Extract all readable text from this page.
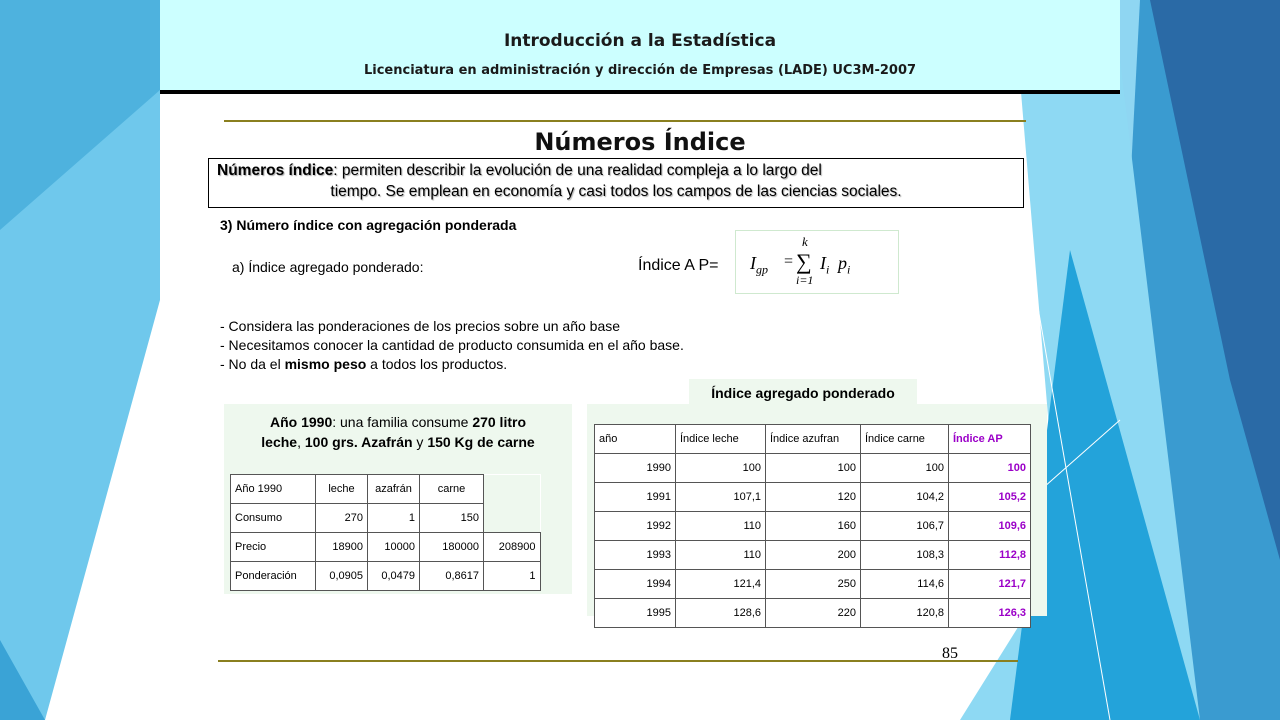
Introducción a la Estadística
Licenciatura en administración y dirección de Empresas (LADE) UC3M-2007
Números Índice
Números índice: permiten describir la evolución de una realidad compleja a lo largo del
tiempo. Se emplean en economía y casi todos los campos de las ciencias sociales.
3) Número índice con agregación ponderada
a) Índice agregado ponderado:	Índice A $P= I_{gp}$ =
k
∑
i=1
$I_i$ $p_i$
- Considera las ponderaciones de los precios sobre un año base
- Necesitamos conocer la cantidad de producto consumida en el año base.
- No da el mismo peso a todos los productos.
Índice agregado ponderado
Año 1990: una familia consume 270 litro
leche, 100 grs. Azafrán y 150 Kg de carne
Año 1990	leche	azafrán	carne	
Consumo	270	1	150	
Precio	18900	10000	180000	208900
Ponderación	0,0905	0,0479	0,8617	1
año	Índice leche	Índice azufran	Índice carne	Índice AP
1990	100	100	100	100
1991	107,1	120	104,2	105,2
1992	110	160	106,7	109,6
1993	110	200	108,3	112,8
1994	121,4	250	114,6	121,7
1995	128,6	220	120,8	126,3
85
